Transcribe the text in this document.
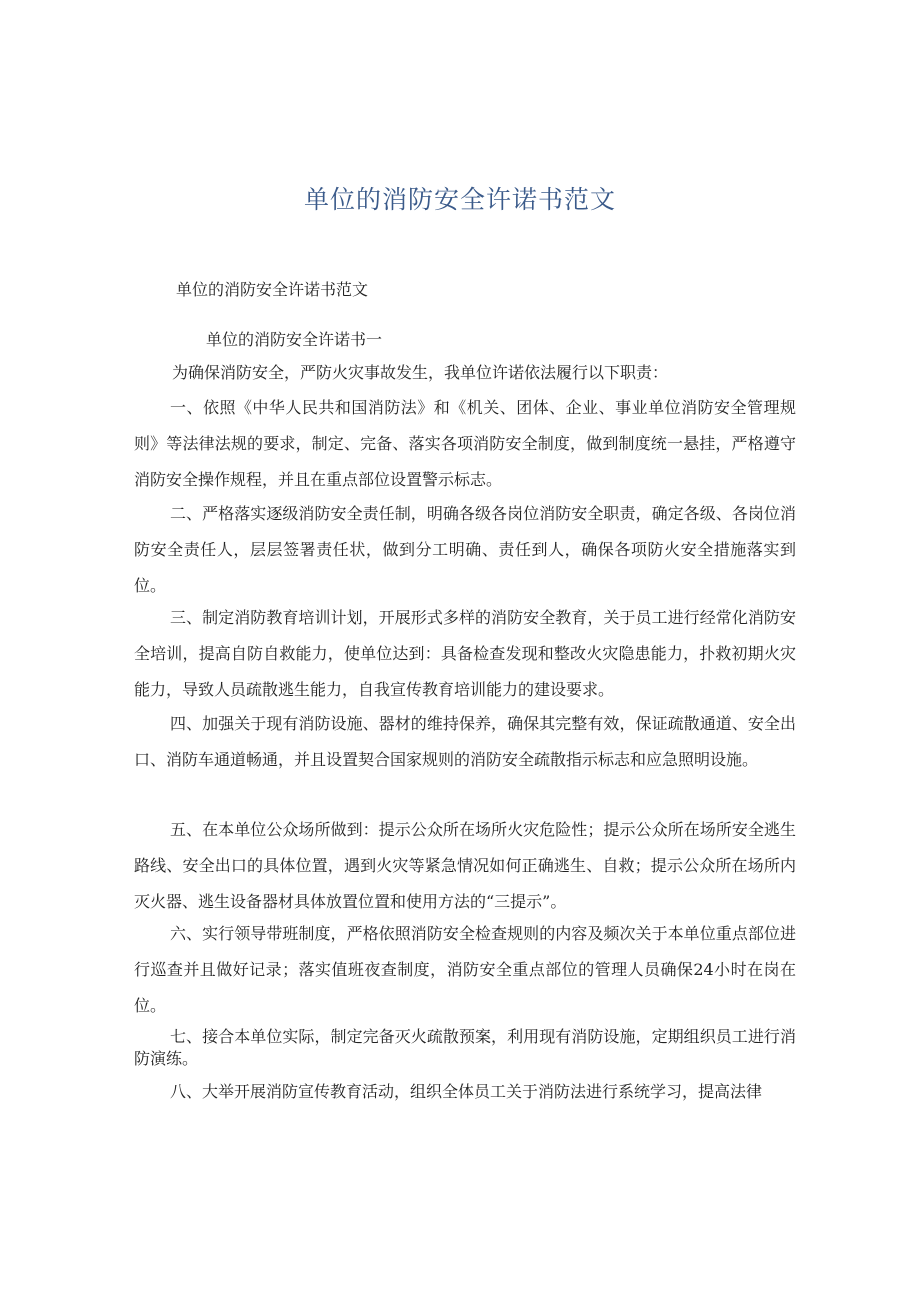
单位的消防安全许诺书范文
单位的消防安全许诺书范文
单位的消防安全许诺书一
为确保消防安全，严防火灾事故发生，我单位许诺依法履行以下职责：
一、依照《中华人民共和国消防法》和《机关、团体、企业、事业单位消防安全管理规则》等法律法规的要求，制定、完备、落实各项消防安全制度，做到制度统一悬挂，严格遵守消防安全操作规程，并且在重点部位设置警示标志。
二、严格落实逐级消防安全责任制，明确各级各岗位消防安全职责，确定各级、各岗位消防安全责任人，层层签署责任状，做到分工明确、责任到人，确保各项防火安全措施落实到位。
三、制定消防教育培训计划，开展形式多样的消防安全教育，关于员工进行经常化消防安全培训，提高自防自救能力，使单位达到：具备检查发现和整改火灾隐患能力，扑救初期火灾能力，导致人员疏散逃生能力，自我宣传教育培训能力的建设要求。
四、加强关于现有消防设施、器材的维持保养，确保其完整有效，保证疏散通道、安全出口、消防车通道畅通，并且设置契合国家规则的消防安全疏散指示标志和应急照明设施。
五、在本单位公众场所做到：提示公众所在场所火灾危险性；提示公众所在场所安全逃生路线、安全出口的具体位置，遇到火灾等紧急情况如何正确逃生、自救；提示公众所在场所内灭火器、逃生设备器材具体放置位置和使用方法的“三提示”。
六、实行领导带班制度，严格依照消防安全检查规则的内容及频次关于本单位重点部位进行巡查并且做好记录；落实值班夜查制度，消防安全重点部位的管理人员确保24小时在岗在位。
七、接合本单位实际，制定完备灭火疏散预案，利用现有消防设施，定期组织员工进行消防演练。
八、大举开展消防宣传教育活动，组织全体员工关于消防法进行系统学习，提高法律
